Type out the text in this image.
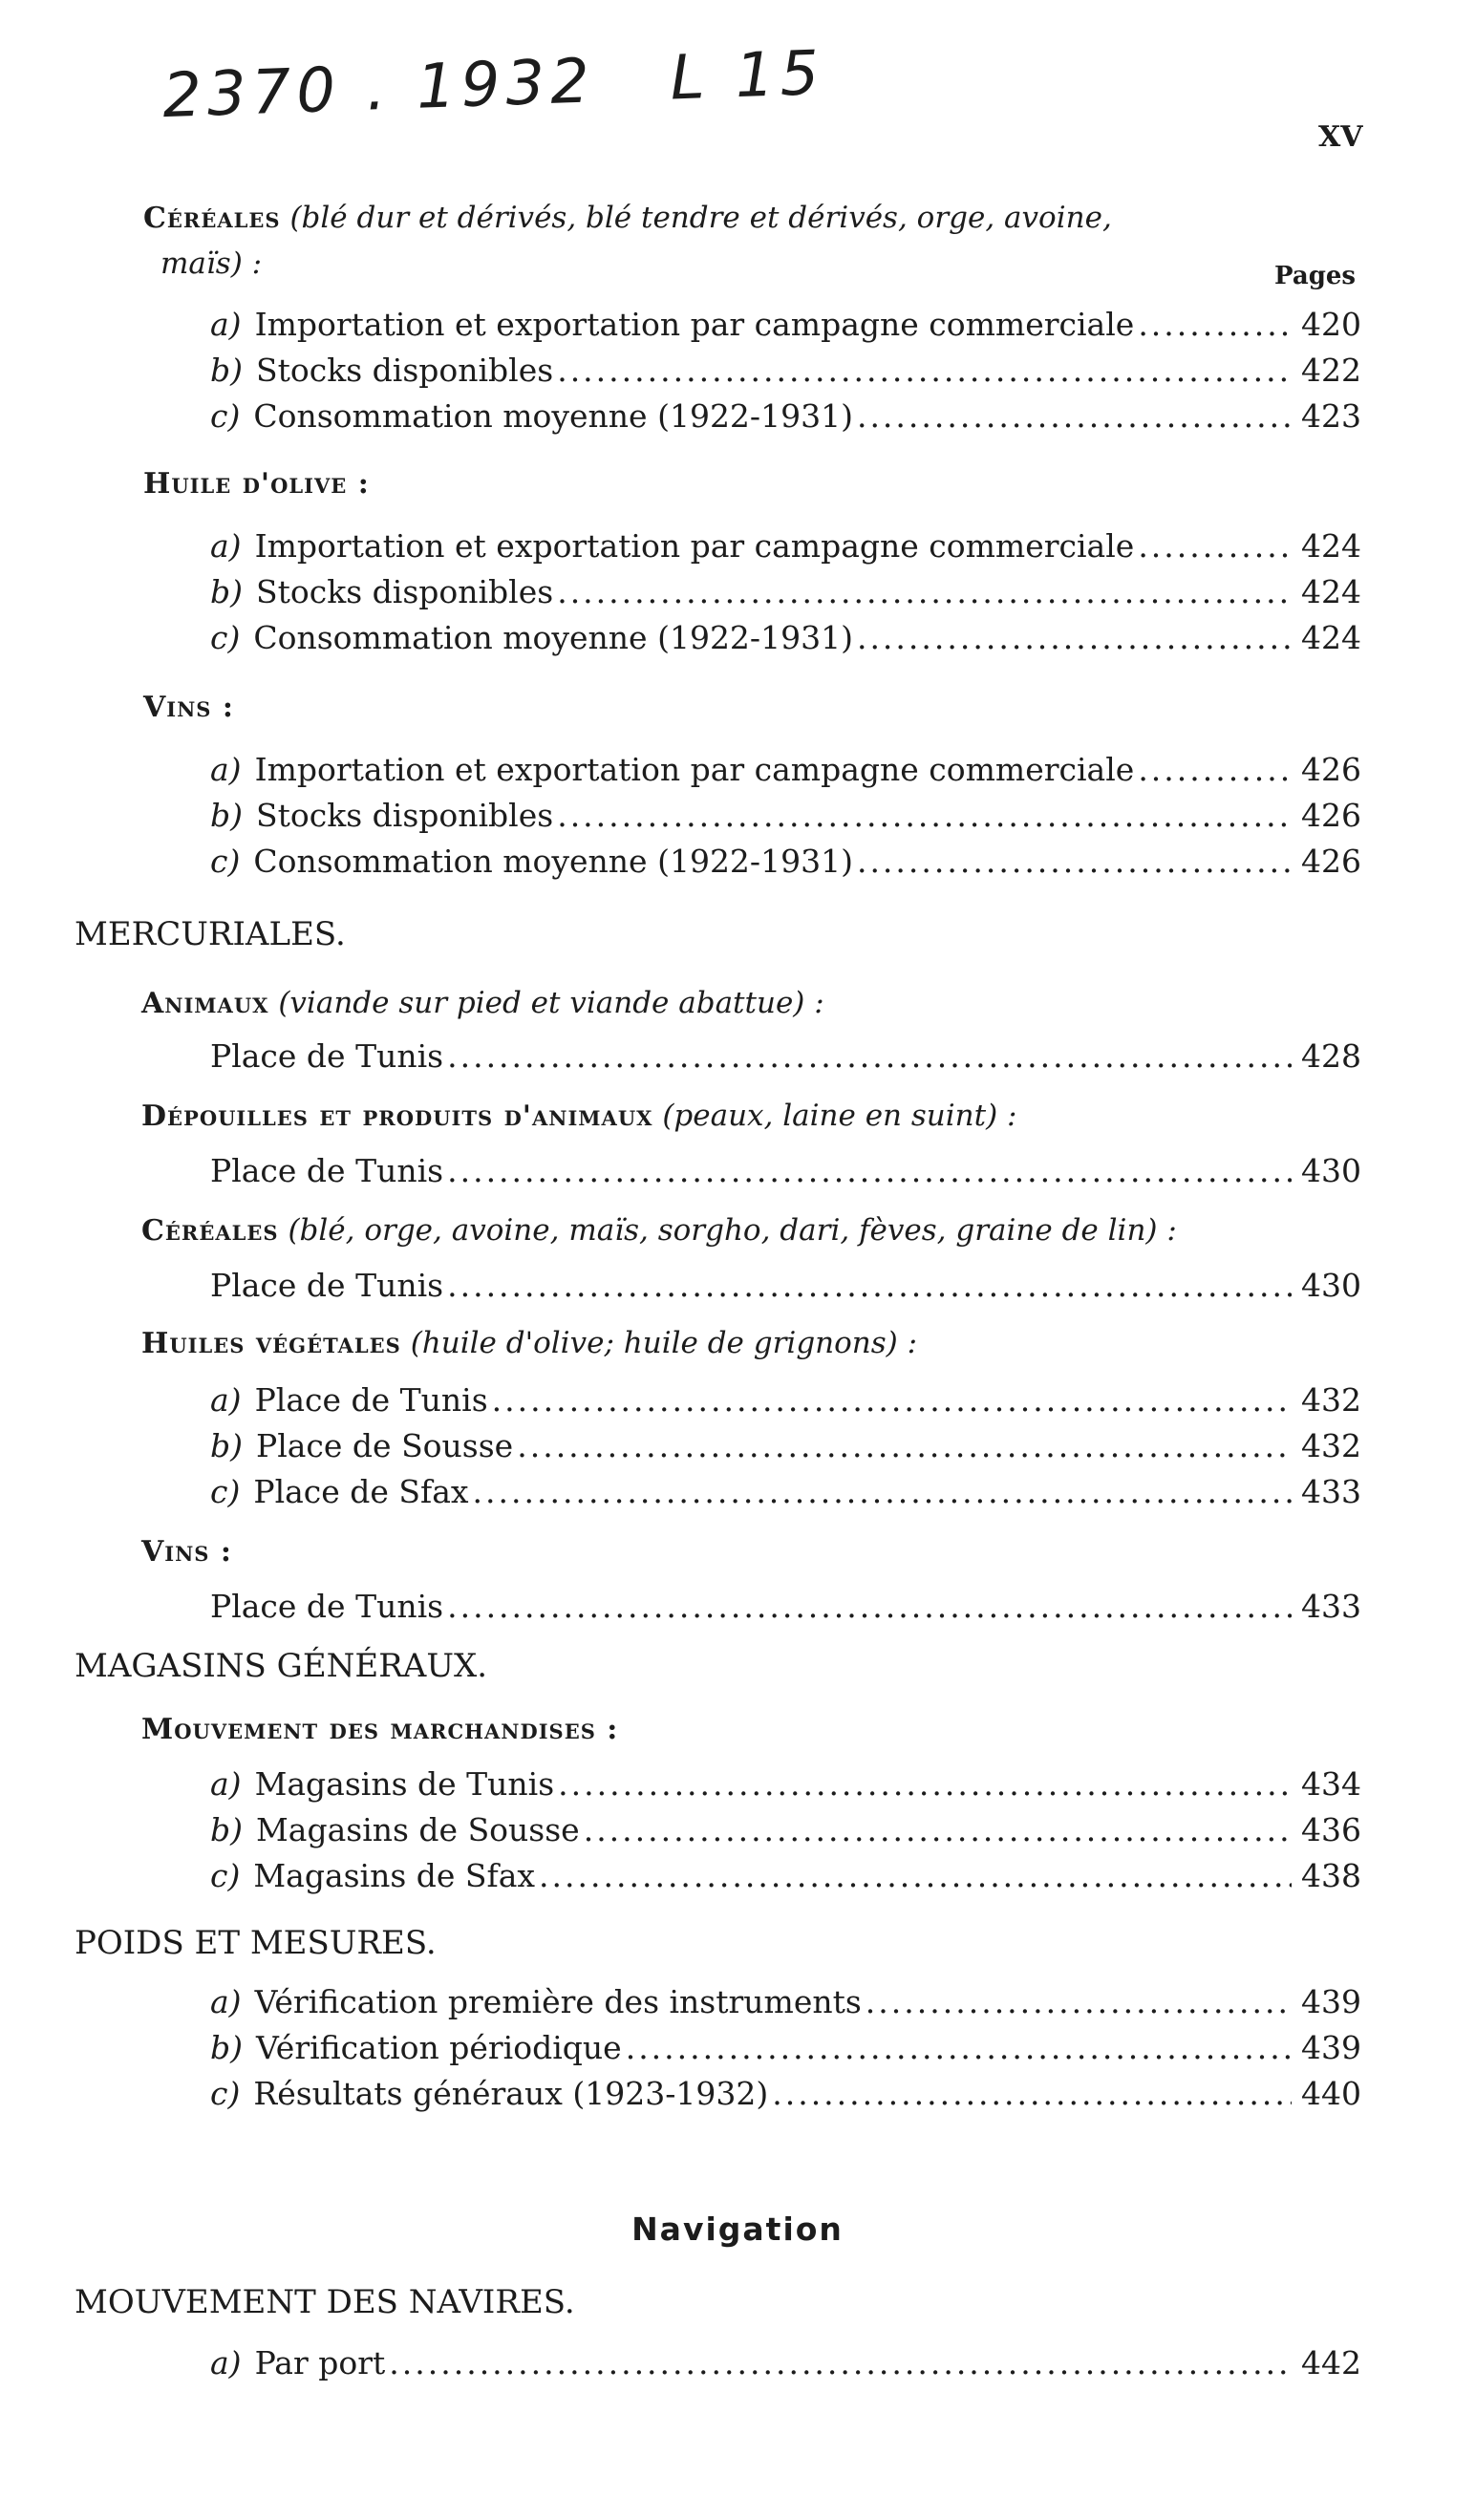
2370 . 1932   L 15
XV
Céréales (blé dur et dérivés, blé tendre et dérivés, orge, avoine,
maïs) :	Pages
a) Importation et exportation par campagne commerciale .....	420
b) Stocks disponibles .....	422
c) Consommation moyenne (1922-1931) .....	423
Huile d'olive :
a) Importation et exportation par campagne commerciale .....	424
b) Stocks disponibles .....	424
c) Consommation moyenne (1922-1931) .....	424
Vins :
a) Importation et exportation par campagne commerciale .....	426
b) Stocks disponibles .....	426
c) Consommation moyenne (1922-1931) .....	426
MERCURIALES.
Animaux (viande sur pied et viande abattue) :
Place de Tunis .....	428
Dépouilles et produits d'animaux (peaux, laine en suint) :
Place de Tunis .....	430
Céréales (blé, orge, avoine, maïs, sorgho, dari, fèves, graine de lin) :
Place de Tunis .....	430
Huiles végétales (huile d'olive; huile de grignons) :
a) Place de Tunis .....	432
b) Place de Sousse .....	432
c) Place de Sfax .....	433
Vins :
Place de Tunis .....	433
MAGASINS GÉNÉRAUX.
Mouvement des marchandises :
a) Magasins de Tunis .....	434
b) Magasins de Sousse .....	436
c) Magasins de Sfax .....	438
POIDS ET MESURES.
a) Vérification première des instruments .....	439
b) Vérification périodique .....	439
c) Résultats généraux (1923-1932) .....	440
Navigation
MOUVEMENT DES NAVIRES.
a) Par port .....	442
